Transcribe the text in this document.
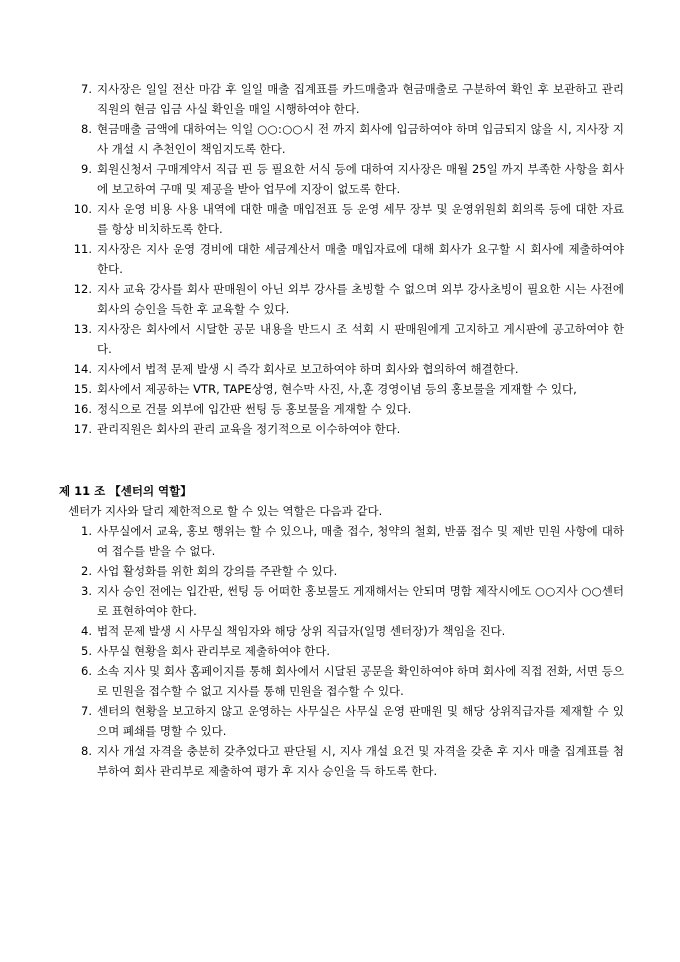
7. 지사장은 일일 전산 마감 후 일일 매출 집계표를 카드매출과 현금매출로 구분하여 확인 후 보관하고 관리직원의 현금 입금 사실 확인을 매일 시행하여야 한다.
8. 현금매출 금액에 대하여는 익일 ○○:○○시 전 까지 회사에 입금하여야 하며 입금되지 않을 시, 지사장 지사 개설 시 추천인이 책임지도록 한다.
9. 회원신청서 구매계약서 직급 핀 등 필요한 서식 등에 대하여 지사장은 매월 25일 까지 부족한 사항을 회사에 보고하여 구매 및 제공을 받아 업무에 지장이 없도록 한다.
10. 지사 운영 비용 사용 내역에 대한 매출 매입전표 등 운영 세무 장부 및 운영위원회 회의록 등에 대한 자료를 항상 비치하도록 한다.
11. 지사장은 지사 운영 경비에 대한 세금계산서 매출 매입자료에 대해 회사가 요구할 시 회사에 제출하여야 한다.
12. 지사 교육 강사를 회사 판매원이 아닌 외부 강사를 초빙할 수 없으며 외부 강사초빙이 필요한 시는 사전에 회사의 승인을 득한 후 교육할 수 있다.
13. 지사장은 회사에서 시달한 공문 내용을 반드시 조 석회 시 판매원에게 고지하고 게시판에 공고하여야 한다.
14. 지사에서 법적 문제 발생 시 즉각 회사로 보고하여야 하며 회사와 협의하여 해결한다.
15. 회사에서 제공하는 VTR, TAPE상영, 현수막 사진, 사,훈 경영이념 등의 홍보물을 게재할 수 있다,
16. 정식으로 건물 외부에 입간판 썬팅 등 홍보물을 게재할 수 있다.
17. 관리직원은 회사의 관리 교육을 정기적으로 이수하여야 한다.
제 11 조 【센터의 역할】
센터가 지사와 달리 제한적으로 할 수 있는 역할은 다음과 같다.
1. 사무실에서 교육, 홍보 행위는 할 수 있으나, 매출 접수, 청약의 철회, 반품 접수 및 제반 민원 사항에 대하여 접수를 받을 수 없다.
2. 사업 활성화를 위한 회의 강의를 주관할 수 있다.
3. 지사 승인 전에는 입간판, 썬팅 등 어떠한 홍보물도 게재해서는 안되며 명함 제작시에도 ○○지사 ○○센터로 표현하여야 한다.
4. 법적 문제 발생 시 사무실 책임자와 해당 상위 직급자(일명 센터장)가 책임을 진다.
5. 사무실 현황을 회사 관리부로 제출하여야 한다.
6. 소속 지사 및 회사 홈페이지를 통해 회사에서 시달된 공문을 확인하여야 하며 회사에 직접 전화, 서면 등으로 민원을 접수할 수 없고 지사를 통해 민원을 접수할 수 있다.
7. 센터의 현황을 보고하지 않고 운영하는 사무실은 사무실 운영 판매원 및 해당 상위직급자를 제재할 수 있으며 폐쇄를 명할 수 있다.
8. 지사 개설 자격을 충분히 갖추었다고 판단될 시, 지사 개설 요건 및 자격을 갖춘 후 지사 매출 집계표를 첨부하여 회사 관리부로 제출하여 평가 후 지사 승인을 득 하도록 한다.
